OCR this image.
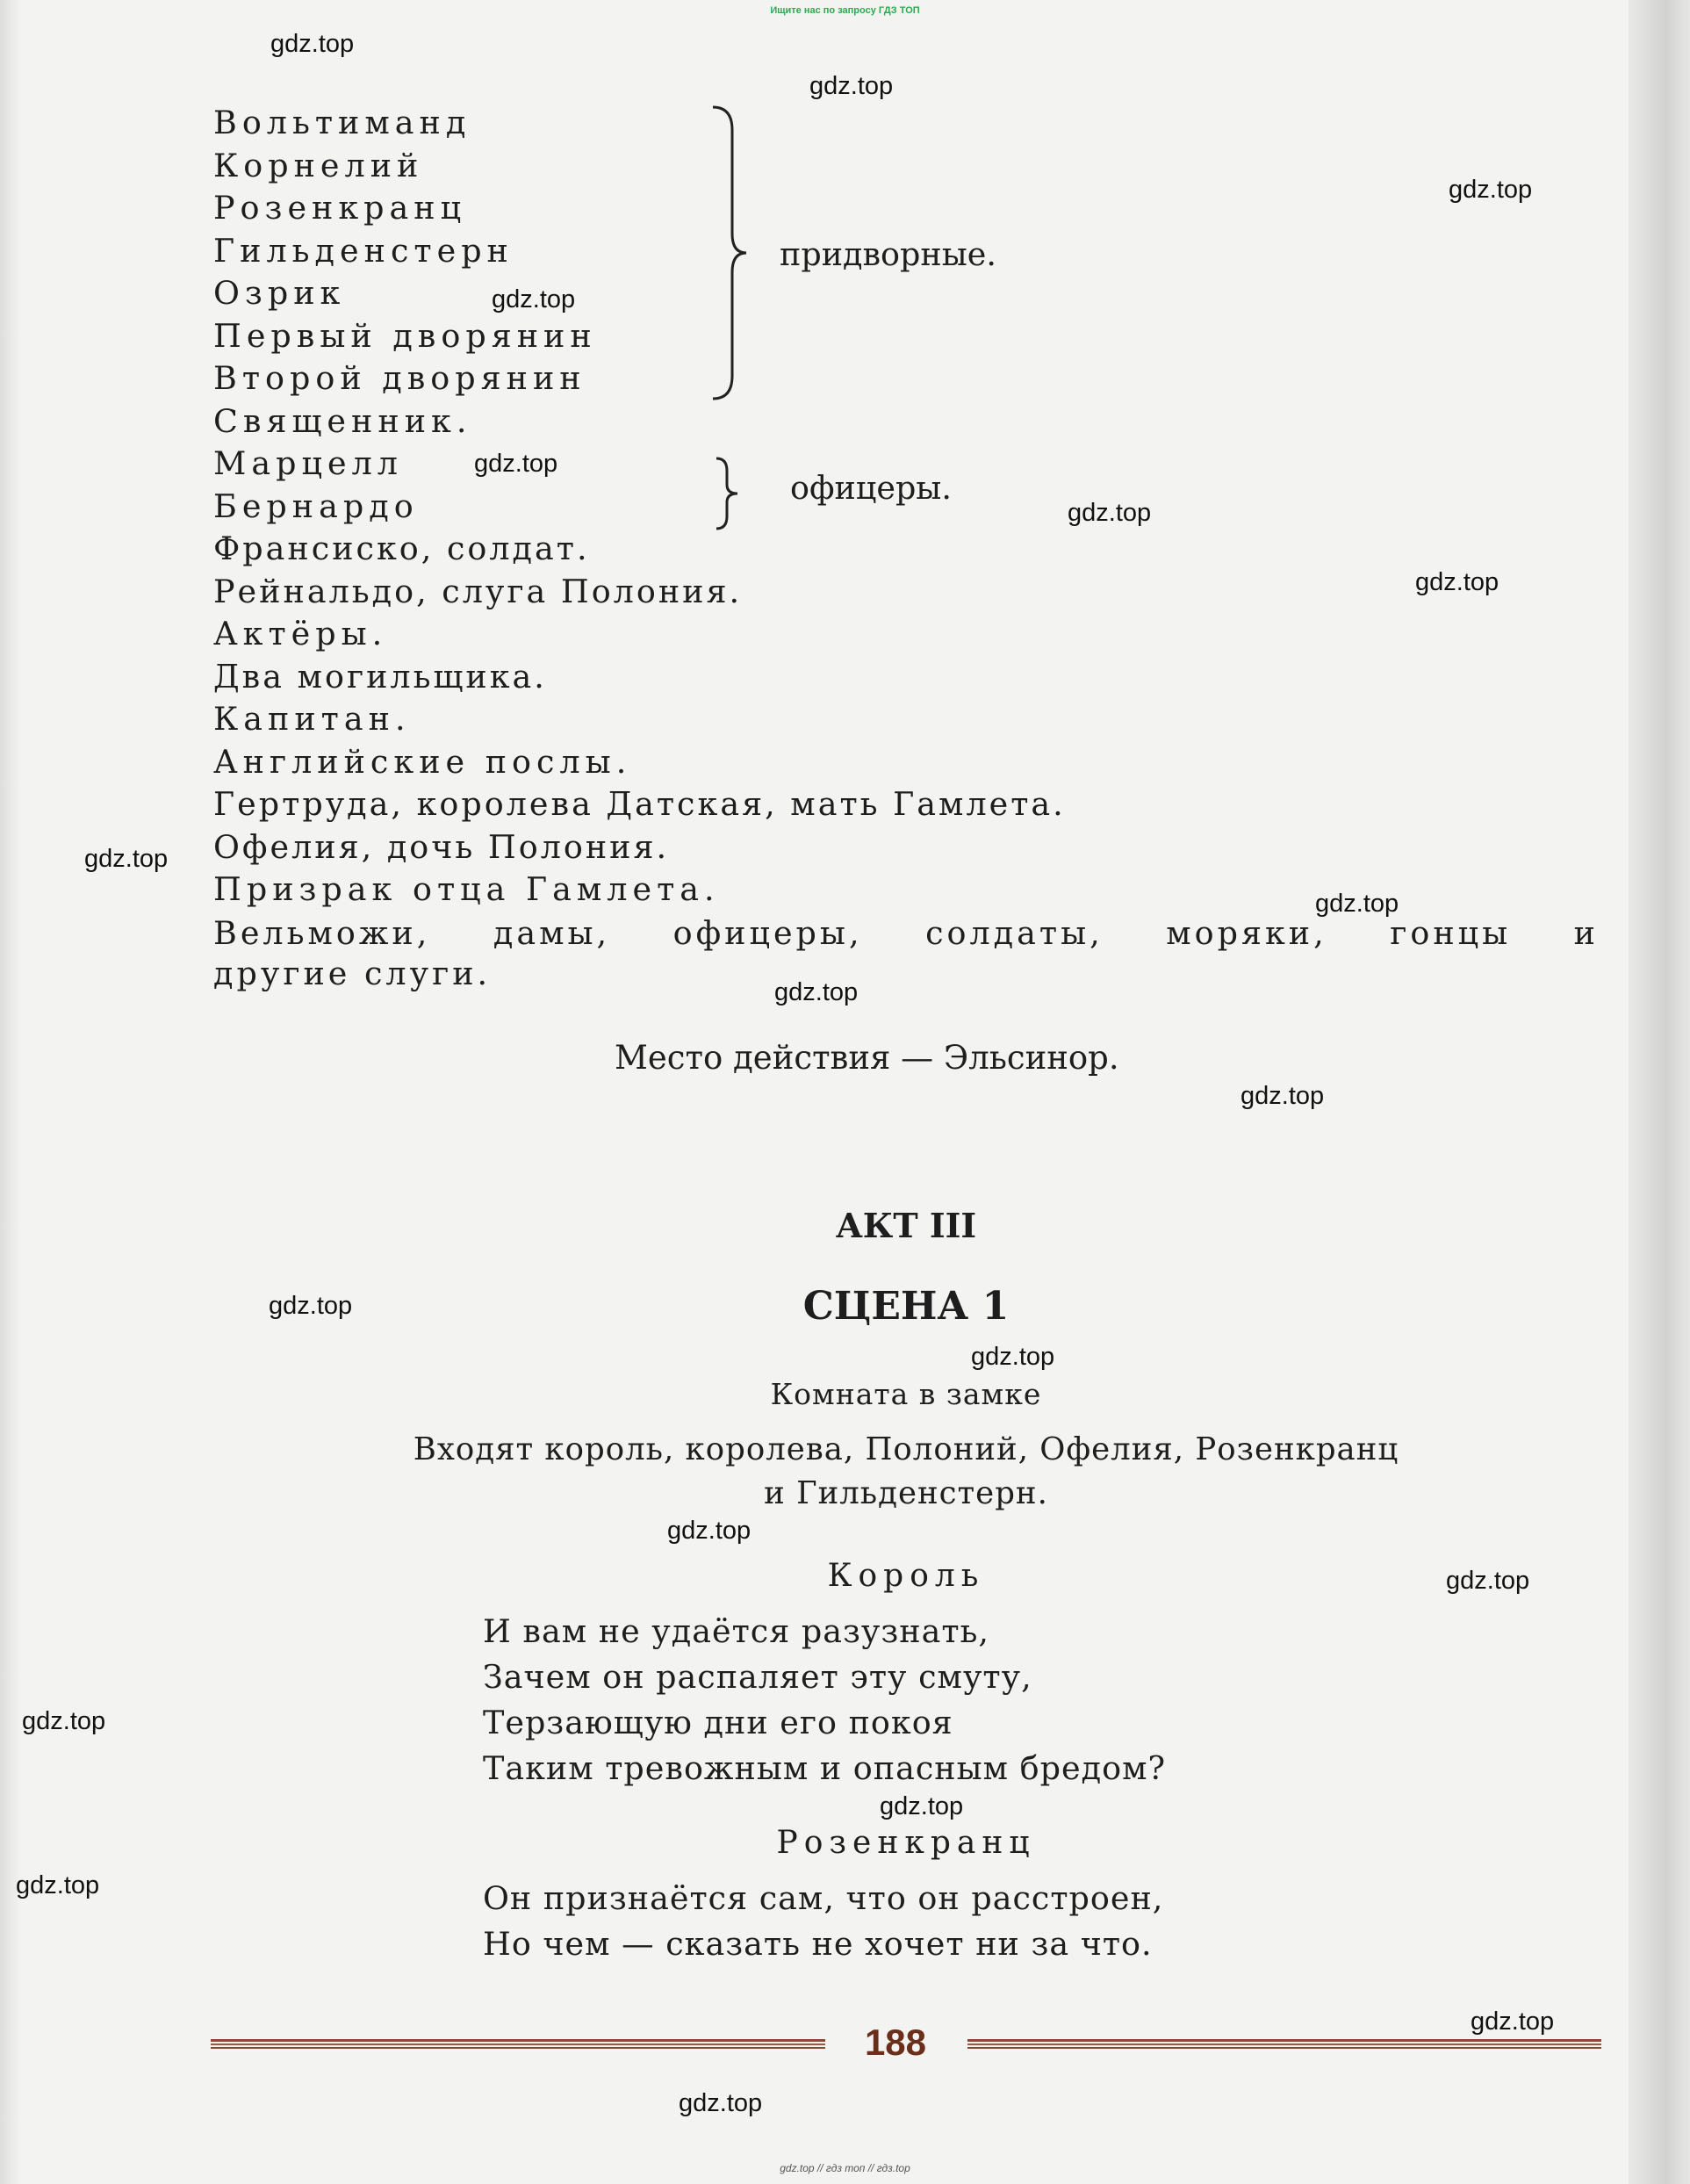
Ищите нас по запросу ГДЗ ТОП
gdz.top
gdz.top
gdz.top
gdz.top
gdz.top
gdz.top
gdz.top
gdz.top
gdz.top
gdz.top
gdz.top
gdz.top
gdz.top
gdz.top
gdz.top
gdz.top
gdz.top
gdz.top
gdz.top
gdz.top
Вольтиманд
Корнелий
Розенкранц
Гильденстерн
Озрик
Первый дворянин
Второй дворянин
Священник.
Марцелл
Бернардо
Франсиско, солдат.
Рейнальдо, слуга Полония.
Актёры.
Два могильщика.
Капитан.
Английские послы.
Гертруда, королева Датская, мать Гамлета.
Офелия, дочь Полония.
Призрак отца Гамлета.
придворные.
офицеры.
Вельможи, дамы, офицеры, солдаты, моряки, гонцы и
другие слуги.
Место действия — Эльсинор.
АКТ III
СЦЕНА 1
Комната в замке
Входят король, королева, Полоний, Офелия, Розенкранц
и Гильденстерн.
Король
И вам не удаётся разузнать,
Зачем он распаляет эту смуту,
Терзающую дни его покоя
Таким тревожным и опасным бредом?
Розенкранц
Он признаётся сам, что он расстроен,
Но чем — сказать не хочет ни за что.
188
gdz.top // гдз топ // гдз.top
